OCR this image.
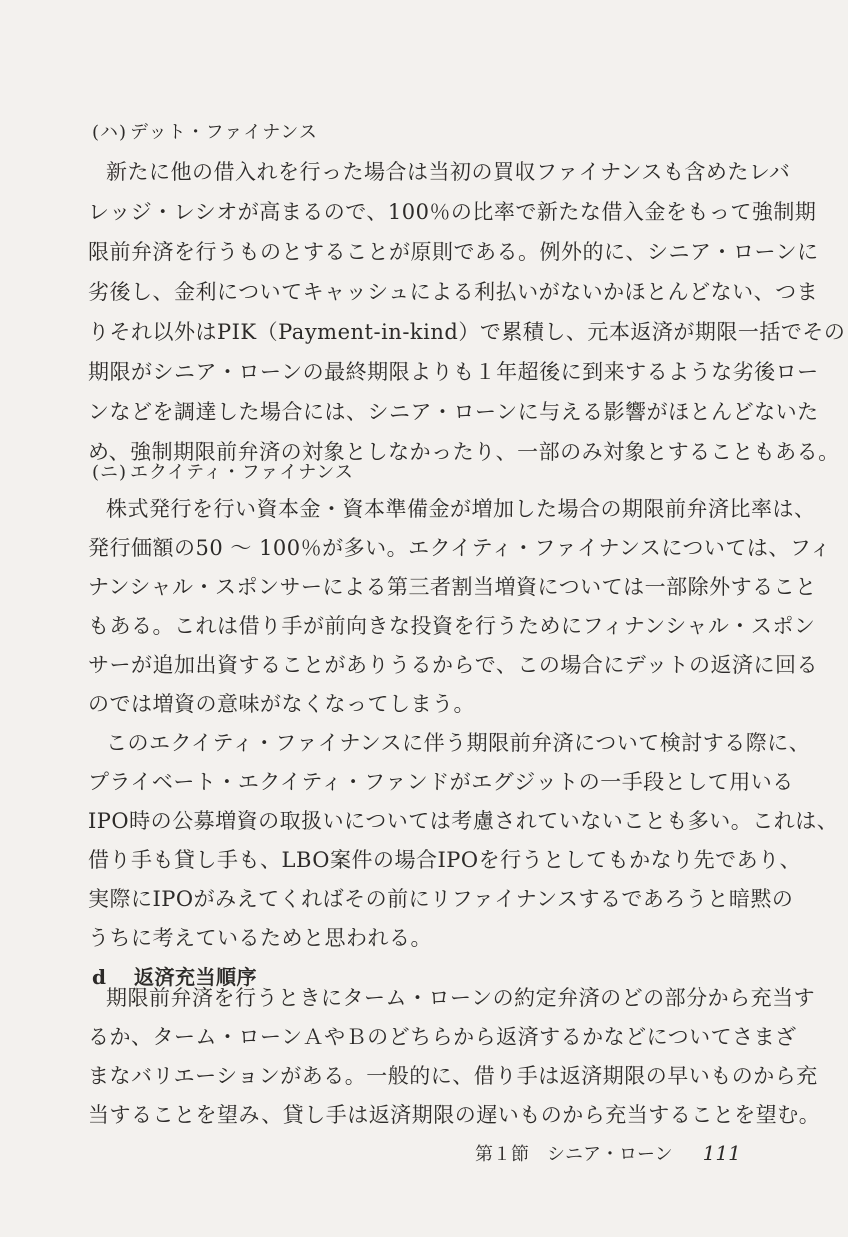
(ハ) デット・ファイナンス
新たに他の借入れを行った場合は当初の買収ファイナンスも含めたレバ
レッジ・レシオが高まるので、100％の比率で新たな借入金をもって強制期
限前弁済を行うものとすることが原則である。例外的に、シニア・ローンに
劣後し、金利についてキャッシュによる利払いがないかほとんどない、つま
りそれ以外はPIK（Payment-in-kind）で累積し、元本返済が期限一括でその
期限がシニア・ローンの最終期限よりも１年超後に到来するような劣後ロー
ンなどを調達した場合には、シニア・ローンに与える影響がほとんどないた
め、強制期限前弁済の対象としなかったり、一部のみ対象とすることもある。
(ニ) エクイティ・ファイナンス
株式発行を行い資本金・資本準備金が増加した場合の期限前弁済比率は、
発行価額の50 ～ 100％が多い。エクイティ・ファイナンスについては、フィ
ナンシャル・スポンサーによる第三者割当増資については一部除外すること
もある。これは借り手が前向きな投資を行うためにフィナンシャル・スポン
サーが追加出資することがありうるからで、この場合にデットの返済に回る
のでは増資の意味がなくなってしまう。
このエクイティ・ファイナンスに伴う期限前弁済について検討する際に、
プライベート・エクイティ・ファンドがエグジットの一手段として用いる
IPO時の公募増資の取扱いについては考慮されていないことも多い。これは、
借り手も貸し手も、LBO案件の場合IPOを行うとしてもかなり先であり、
実際にIPOがみえてくればその前にリファイナンスするであろうと暗黙の
うちに考えているためと思われる。
d 返済充当順序
期限前弁済を行うときにターム・ローンの約定弁済のどの部分から充当す
るか、ターム・ローンＡやＢのどちらから返済するかなどについてさまざ
まなバリエーションがある。一般的に、借り手は返済期限の早いものから充
当することを望み、貸し手は返済期限の遅いものから充当することを望む。
第１節　シニア・ローン 111
